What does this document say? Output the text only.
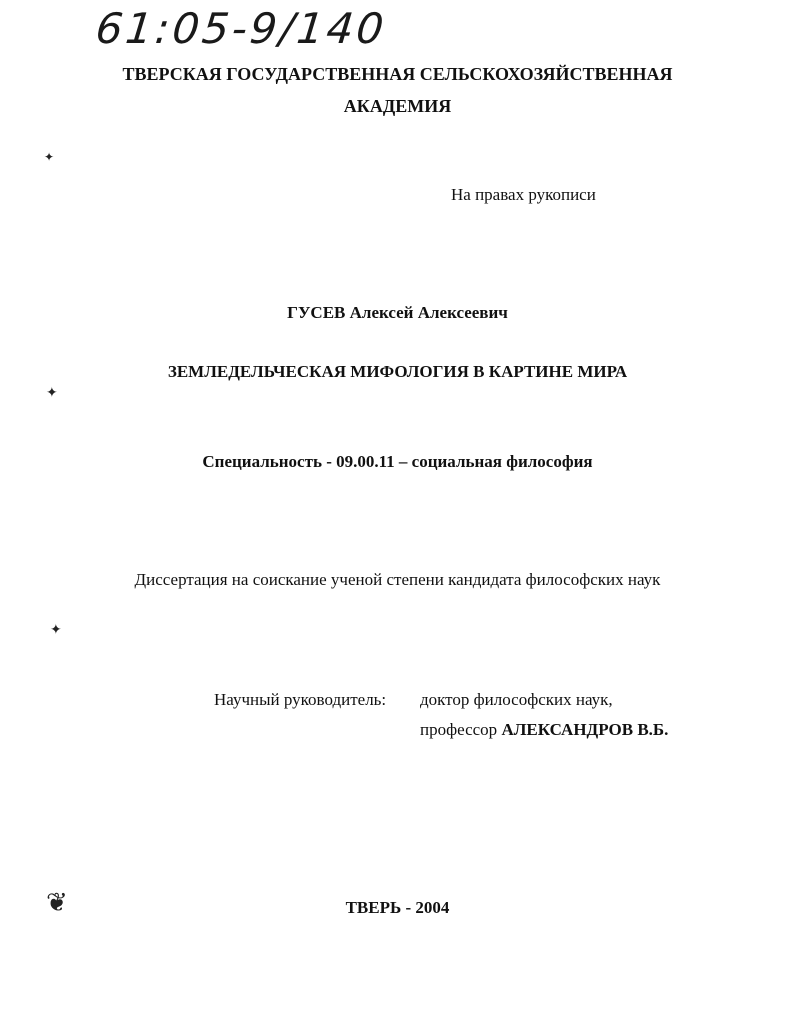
61:05-9/140
ТВЕРСКАЯ ГОСУДАРСТВЕННАЯ СЕЛЬСКОХОЗЯЙСТВЕННАЯ
АКАДЕМИЯ
✦
На правах рукописи
ГУСЕВ Алексей Алексеевич
ЗЕМЛЕДЕЛЬЧЕСКАЯ МИФОЛОГИЯ В КАРТИНЕ МИРА
✦
Специальность - 09.00.11 – социальная философия
Диссертация на соискание ученой степени кандидата философских наук
✦
Научный руководитель: доктор философских наук,
профессор АЛЕКСАНДРОВ В.Б.
❦	ТВЕРЬ - 2004
